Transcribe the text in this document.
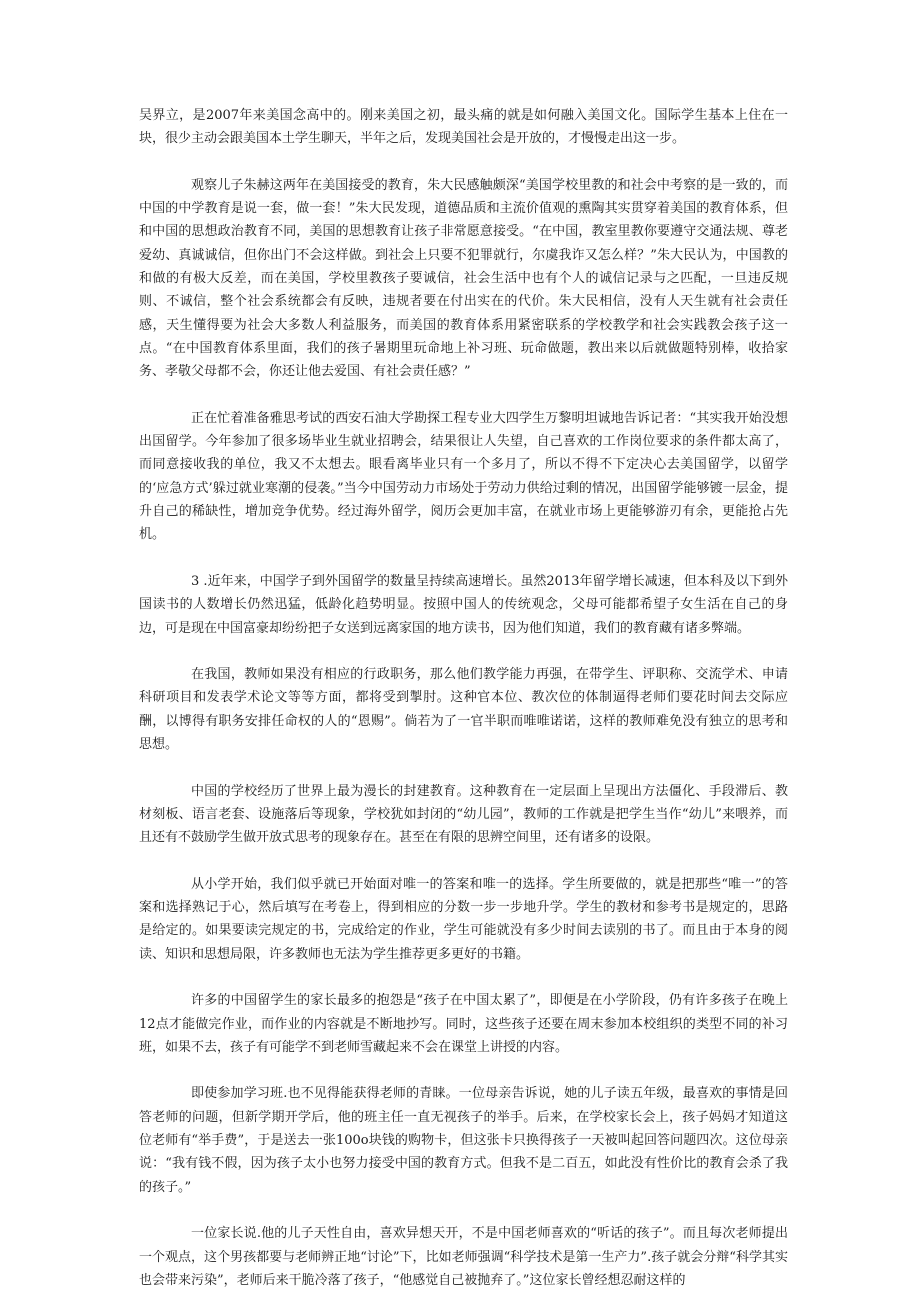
吴界立，是2007年来美国念高中的。刚来美国之初，最头痛的就是如何融入美国文化。国际学生基本上住在一块，很少主动会跟美国本土学生聊天，半年之后，发现美国社会是开放的，才慢慢走出这一步。

观察儿子朱赫这两年在美国接受的教育，朱大民感触颇深“美国学校里教的和社会中考察的是一致的，而中国的中学教育是说一套，做一套！”朱大民发现，道德品质和主流价值观的熏陶其实贯穿着美国的教育体系，但和中国的思想政治教育不同，美国的思想教育让孩子非常愿意接受。“在中国，教室里教你要遵守交通法规、尊老爱幼、真诚诚信，但你出门不会这样做。到社会上只要不犯罪就行，尔虞我诈又怎么样？”朱大民认为，中国教的和做的有极大反差，而在美国，学校里教孩子要诚信，社会生活中也有个人的诚信记录与之匹配，一旦违反规则、不诚信，整个社会系统都会有反映，违规者要在付出实在的代价。朱大民相信，没有人天生就有社会责任感，天生懂得要为社会大多数人利益服务，而美国的教育体系用紧密联系的学校教学和社会实践教会孩子这一点。“在中国教育体系里面，我们的孩子暑期里玩命地上补习班、玩命做题，教出来以后就做题特别棒，收拾家务、孝敬父母都不会，你还让他去爱国、有社会责任感？”

正在忙着准备雅思考试的西安石油大学勘探工程专业大四学生万黎明坦诚地告诉记者：“其实我开始没想出国留学。今年参加了很多场毕业生就业招聘会，结果很让人失望，自己喜欢的工作岗位要求的条件都太高了，而同意接收我的单位，我又不太想去。眼看离毕业只有一个多月了，所以不得不下定决心去美国留学，以留学的‘应急方式’躲过就业寒潮的侵袭。”当今中国劳动力市场处于劳动力供给过剩的情况，出国留学能够镀一层金，提升自己的稀缺性，增加竞争优势。经过海外留学，阅历会更加丰富，在就业市场上更能够游刃有余，更能抢占先机。

3 .近年来，中国学子到外国留学的数量呈持续高速增长。虽然2013年留学增长减速，但本科及以下到外国读书的人数增长仍然迅猛，低龄化趋势明显。按照中国人的传统观念，父母可能都希望子女生活在自己的身边，可是现在中国富豪却纷纷把子女送到远离家国的地方读书，因为他们知道，我们的教育藏有诸多弊端。

在我国，教师如果没有相应的行政职务，那么他们教学能力再强，在带学生、评职称、交流学术、申请科研项目和发表学术论文等等方面，都将受到掣肘。这种官本位、教次位的体制逼得老师们要花时间去交际应酬，以博得有职务安排任命权的人的“恩赐”。倘若为了一官半职而唯唯诺诺，这样的教师难免没有独立的思考和思想。

中国的学校经历了世界上最为漫长的封建教育。这种教育在一定层面上呈现出方法僵化、手段滞后、教材刻板、语言老套、设施落后等现象，学校犹如封闭的“幼儿园”，教师的工作就是把学生当作“幼儿”来喂养，而且还有不鼓励学生做开放式思考的现象存在。甚至在有限的思辨空间里，还有诸多的设限。

从小学开始，我们似乎就已开始面对唯一的答案和唯一的选择。学生所要做的，就是把那些“唯一”的答案和选择熟记于心，然后填写在考卷上，得到相应的分数一步一步地升学。学生的教材和参考书是规定的，思路是给定的。如果要读完规定的书，完成给定的作业，学生可能就没有多少时间去读别的书了。而且由于本身的阅读、知识和思想局限，许多教师也无法为学生推荐更多更好的书籍。

许多的中国留学生的家长最多的抱怨是“孩子在中国太累了”，即便是在小学阶段，仍有许多孩子在晚上12点才能做完作业，而作业的内容就是不断地抄写。同时，这些孩子还要在周末参加本校组织的类型不同的补习班，如果不去，孩子有可能学不到老师雪藏起来不会在课堂上讲授的内容。

即使参加学习班.也不见得能获得老师的青睐。一位母亲告诉说，她的儿子读五年级，最喜欢的事情是回答老师的问题，但新学期开学后，他的班主任一直无视孩子的举手。后来，在学校家长会上，孩子妈妈才知道这位老师有“举手费”，于是送去一张100o块钱的购物卡，但这张卡只换得孩子一天被叫起回答问题四次。这位母亲说：“我有钱不假，因为孩子太小也努力接受中国的教育方式。但我不是二百五，如此没有性价比的教育会杀了我的孩子。”

一位家长说.他的儿子天性自由，喜欢异想天开，不是中国老师喜欢的“听话的孩子”。而且每次老师提出一个观点，这个男孩都要与老师辨正地“讨论”下，比如老师强调“科学技术是第一生产力”.孩子就会分辩“科学其实也会带来污染”，老师后来干脆冷落了孩子，“他感觉自己被抛弃了。”这位家长曾经想忍耐这样的
